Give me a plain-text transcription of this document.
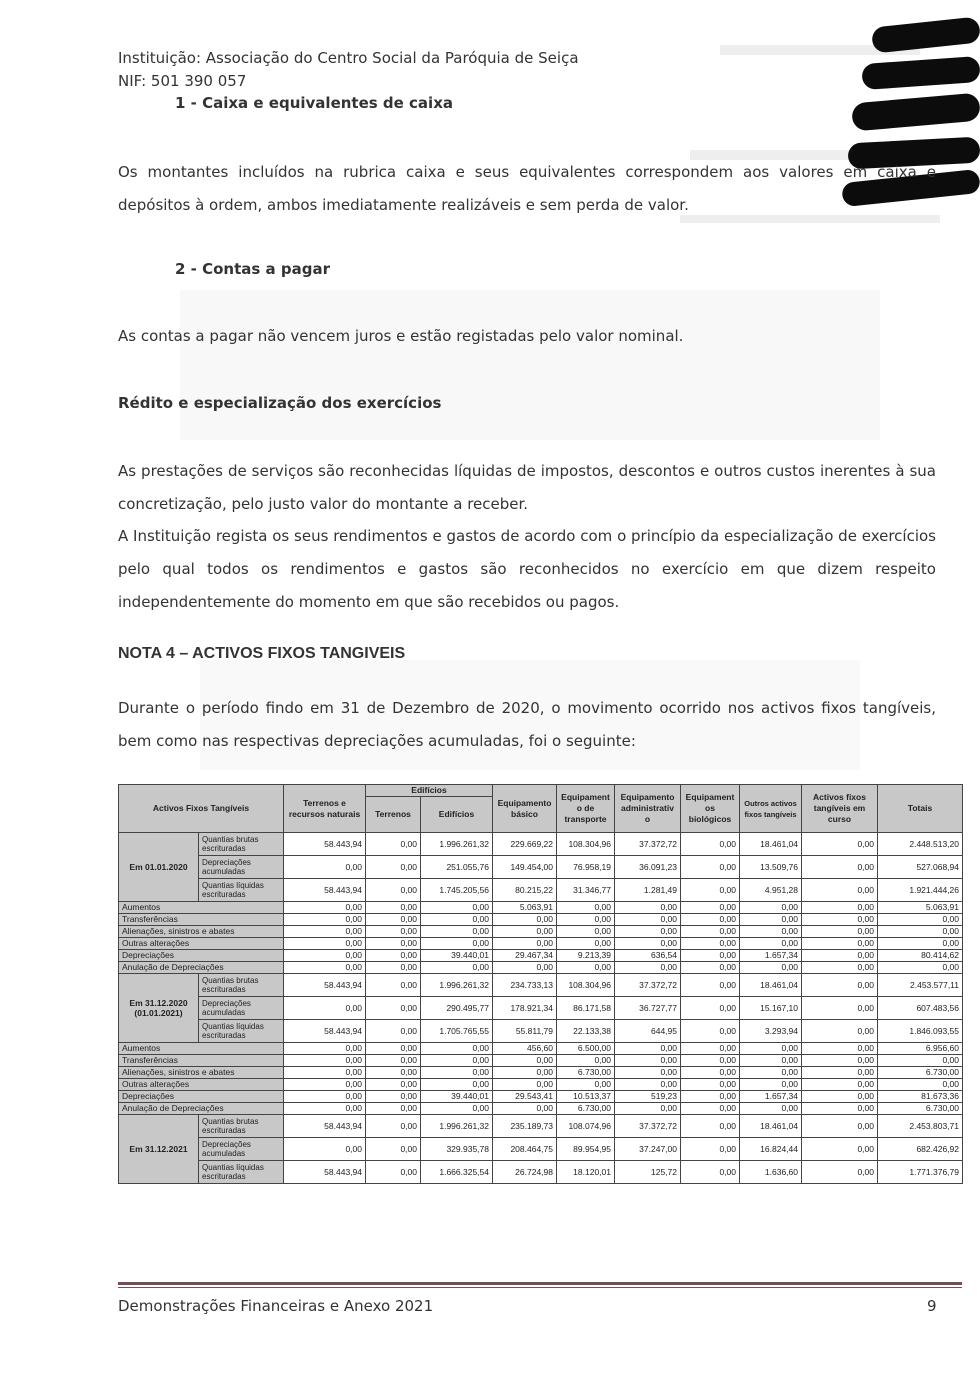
Instituição: Associação do Centro Social da Paróquia de Seiça
NIF: 501 390 057
1 - Caixa e equivalentes de caixa
Os montantes incluídos na rubrica caixa e seus equivalentes correspondem aos valores em caixa e depósitos à ordem, ambos imediatamente realizáveis e sem perda de valor.
2 - Contas a pagar
As contas a pagar não vencem juros e estão registadas pelo valor nominal.
Rédito e especialização dos exercícios
As prestações de serviços são reconhecidas líquidas de impostos, descontos e outros custos inerentes à sua concretização, pelo justo valor do montante a receber.
A Instituição regista os seus rendimentos e gastos de acordo com o princípio da especialização de exercícios pelo qual todos os rendimentos e gastos são reconhecidos no exercício em que dizem respeito independentemente do momento em que são recebidos ou pagos.
NOTA 4 – ACTIVOS FIXOS TANGIVEIS
Durante o período findo em 31 de Dezembro de 2020, o movimento ocorrido nos activos fixos tangíveis, bem como nas respectivas depreciações acumuladas, foi o seguinte:
Activos Fixos Tangíveis		Terrenos e recursos naturais	Edifícios		Equipamento básico	Equipament o de transporte	Equipamento administrativ o	Equipament os biológicos	Outros activos fixos tangíveis	Activos fixos tangíveis em curso	Totais
			Terrenos	Edifícios							
Em 01.01.2020	Quantias brutas escrituradas	58.443,94	0,00	1.996.261,32	229.669,22	108.304,96	37.372,72	0,00	18.461,04	0,00	2.448.513,20
	Depreciações acumuladas	0,00	0,00	251.055,76	149.454,00	76.958,19	36.091,23	0,00	13.509,76	0,00	527.068,94
	Quantias líquidas escrituradas	58.443,94	0,00	1.745.205,56	80.215,22	31.346,77	1.281,49	0,00	4.951,28	0,00	1.921.444,26
Aumentos		0,00	0,00	0,00	5.063,91	0,00	0,00	0,00	0,00	0,00	5.063,91
Transferências		0,00	0,00	0,00	0,00	0,00	0,00	0,00	0,00	0,00	0,00
Alienações, sinistros e abates		0,00	0,00	0,00	0,00	0,00	0,00	0,00	0,00	0,00	0,00
Outras alterações		0,00	0,00	0,00	0,00	0,00	0,00	0,00	0,00	0,00	0,00
Depreciações		0,00	0,00	39.440,01	29.467,34	9.213,39	636,54	0,00	1.657,34	0,00	80.414,62
Anulação de Depreciações		0,00	0,00	0,00	0,00	0,00	0,00	0,00	0,00	0,00	0,00
Em 31.12.2020 (01.01.2021)	Quantias brutas escrituradas	58.443,94	0,00	1.996.261,32	234.733,13	108.304,96	37.372,72	0,00	18.461,04	0,00	2.453.577,11
	Depreciações acumuladas	0,00	0,00	290.495,77	178.921,34	86.171,58	36.727,77	0,00	15.167,10	0,00	607.483,56
	Quantias líquidas escrituradas	58.443,94	0,00	1.705.765,55	55.811,79	22.133,38	644,95	0,00	3.293,94	0,00	1.846.093,55
Aumentos		0,00	0,00	0,00	456,60	6.500,00	0,00	0,00	0,00	0,00	6.956,60
Transferências		0,00	0,00	0,00	0,00	0,00	0,00	0,00	0,00	0,00	0,00
Alienações, sinistros e abates		0,00	0,00	0,00	0,00	6.730,00	0,00	0,00	0,00	0,00	6.730,00
Outras alterações		0,00	0,00	0,00	0,00	0,00	0,00	0,00	0,00	0,00	0,00
Depreciações		0,00	0,00	39.440,01	29.543,41	10.513,37	519,23	0,00	1.657,34	0,00	81.673,36
Anulação de Depreciações		0,00	0,00	0,00	0,00	6.730,00	0,00	0,00	0,00	0,00	6.730,00
Em 31.12.2021	Quantias brutas escrituradas	58.443,94	0,00	1.996.261,32	235.189,73	108.074,96	37.372,72	0,00	18.461,04	0,00	2.453.803,71
	Depreciações acumuladas	0,00	0,00	329.935,78	208.464,75	89.954,95	37.247,00	0,00	16.824,44	0,00	682.426,92
	Quantias líquidas escrituradas	58.443,94	0,00	1.666.325,54	26.724,98	18.120,01	125,72	0,00	1.636,60	0,00	1.771.376,79
Demonstrações Financeiras e Anexo 2021	9
